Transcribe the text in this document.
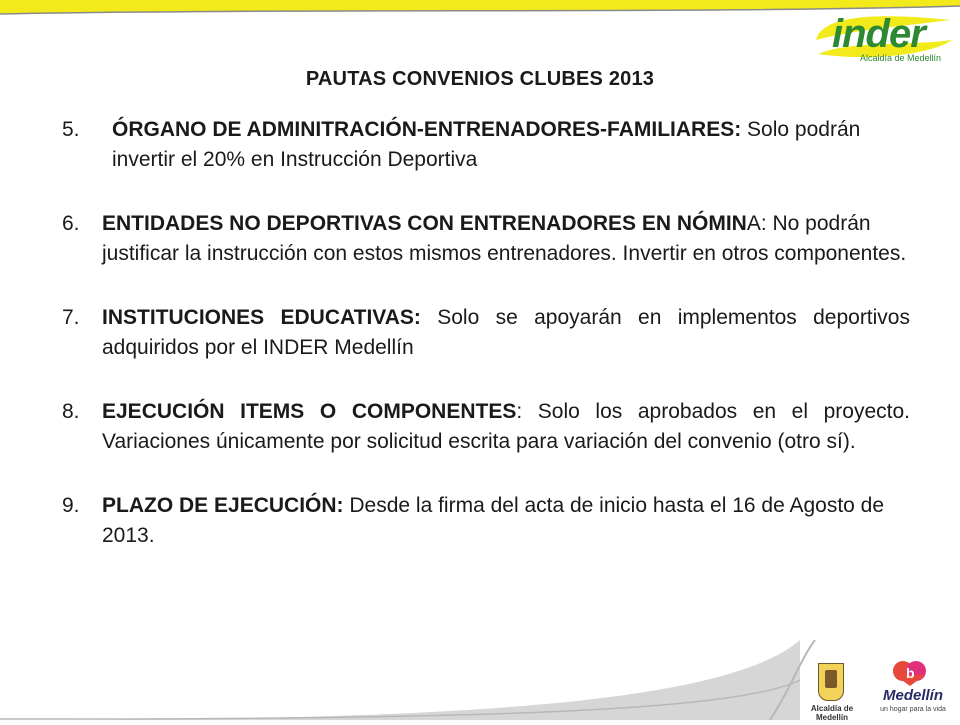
inder
Alcaldía de Medellín
PAUTAS CONVENIOS CLUBES 2013
5. ÓRGANO DE ADMINITRACIÓN-ENTRENADORES-FAMILIARES: Solo podrán invertir el 20% en Instrucción Deportiva
6. ENTIDADES NO DEPORTIVAS CON ENTRENADORES EN NÓMINA: No podrán justificar la instrucción con estos mismos entrenadores. Invertir en otros componentes.
7. INSTITUCIONES EDUCATIVAS: Solo se apoyarán en implementos deportivos adquiridos por el INDER Medellín
8. EJECUCIÓN ITEMS O COMPONENTES: Solo los aprobados en el proyecto. Variaciones únicamente por solicitud escrita para variación del convenio (otro sí).
9. PLAZO DE EJECUCIÓN: Desde la firma del acta de inicio hasta el 16 de Agosto de 2013.
Alcaldía de Medellín
b
Medellín
un hogar para la vida
